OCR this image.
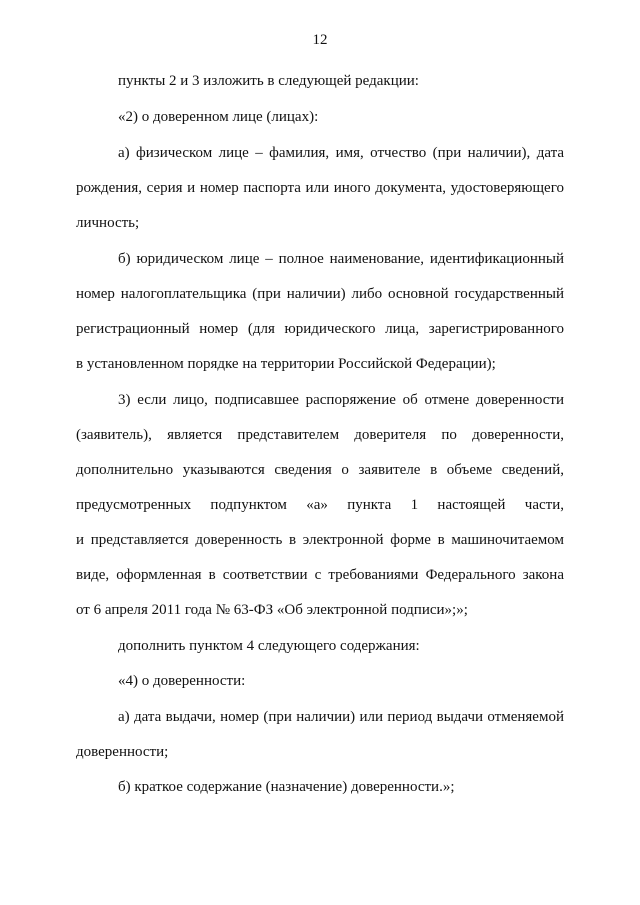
12
пункты 2 и 3 изложить в следующей редакции:
«2) о доверенном лице (лицах):
а) физическом лице – фамилия, имя, отчество (при наличии), дата
рождения, серия и номер паспорта или иного документа, удостоверяющего
личность;
б) юридическом лице – полное наименование, идентификационный
номер налогоплательщика (при наличии) либо основной государственный
регистрационный номер (для юридического лица, зарегистрированного
в установленном порядке на территории Российской Федерации);
3) если лицо, подписавшее распоряжение об отмене доверенности
(заявитель), является представителем доверителя по доверенности,
дополнительно указываются сведения о заявителе в объеме сведений,
предусмотренных подпунктом «а» пункта 1 настоящей части,
и представляется доверенность в электронной форме в машиночитаемом
виде, оформленная в соответствии с требованиями Федерального закона
от 6 апреля 2011 года № 63-ФЗ «Об электронной подписи»;»;
дополнить пунктом 4 следующего содержания:
«4) о доверенности:
а) дата выдачи, номер (при наличии) или период выдачи отменяемой
доверенности;
б) краткое содержание (назначение) доверенности.»;
